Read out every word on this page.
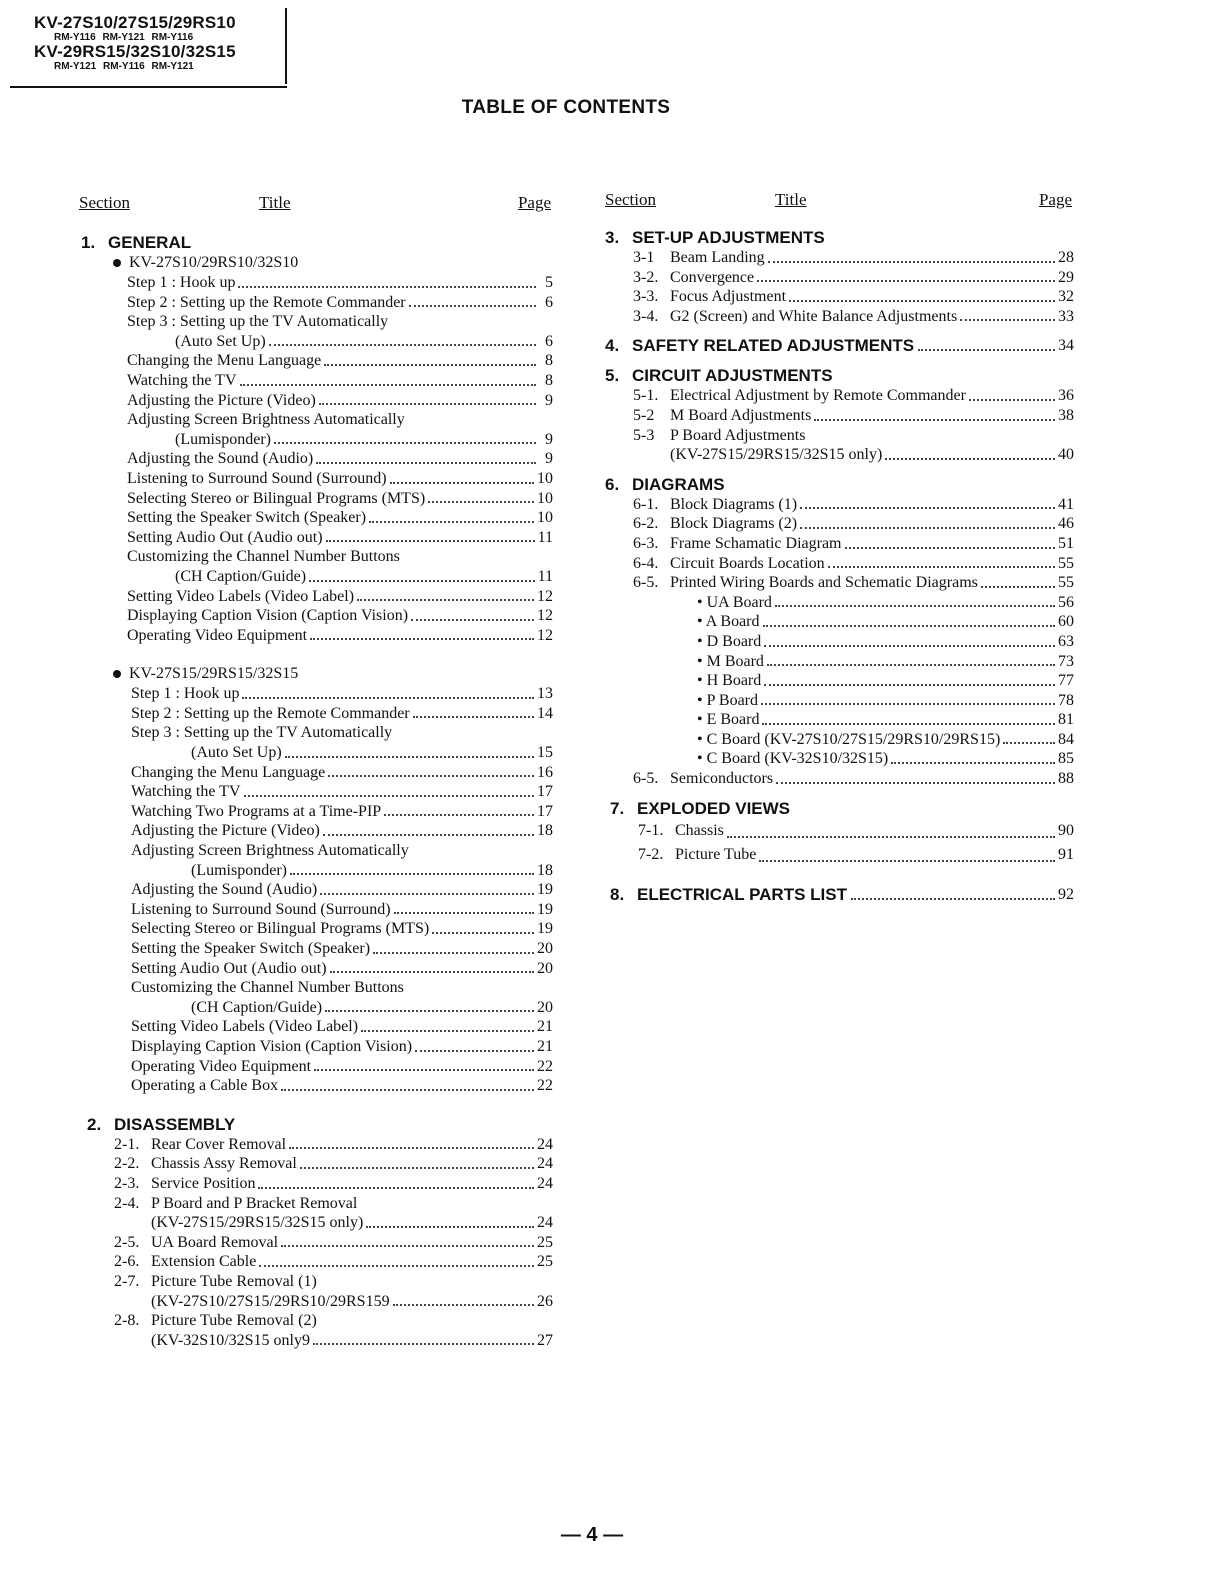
KV-27S10/27S15/29RS10
RM-Y116 RM-Y121 RM-Y116
KV-29RS15/32S10/32S15
RM-Y121 RM-Y116 RM-Y121
TABLE OF CONTENTS
Section	Title	Page
1. GENERAL
KV-27S10/29RS10/32S10
Step 1 : Hook up	5
Step 2 : Setting up the Remote Commander	6
Step 3 : Setting up the TV Automatically
(Auto Set Up)	6
Changing the Menu Language	8
Watching the TV	8
Adjusting the Picture (Video)	9
Adjusting Screen Brightness Automatically
(Lumisponder)	9
Adjusting the Sound (Audio)	9
Listening to Surround Sound (Surround)	10
Selecting Stereo or Bilingual Programs (MTS)	10
Setting the Speaker Switch (Speaker)	10
Setting Audio Out (Audio out)	11
Customizing the Channel Number Buttons
(CH Caption/Guide)	11
Setting Video Labels (Video Label)	12
Displaying Caption Vision (Caption Vision)	12
Operating Video Equipment	12
KV-27S15/29RS15/32S15
Step 1 : Hook up	13
Step 2 : Setting up the Remote Commander	14
Step 3 : Setting up the TV Automatically
(Auto Set Up)	15
Changing the Menu Language	16
Watching the TV	17
Watching Two Programs at a Time-PIP	17
Adjusting the Picture (Video)	18
Adjusting Screen Brightness Automatically
(Lumisponder)	18
Adjusting the Sound (Audio)	19
Listening to Surround Sound (Surround)	19
Selecting Stereo or Bilingual Programs (MTS)	19
Setting the Speaker Switch (Speaker)	20
Setting Audio Out (Audio out)	20
Customizing the Channel Number Buttons
(CH Caption/Guide)	20
Setting Video Labels (Video Label)	21
Displaying Caption Vision (Caption Vision)	21
Operating Video Equipment	22
Operating a Cable Box	22
2. DISASSEMBLY
2-1. Rear Cover Removal	24
2-2. Chassis Assy Removal	24
2-3. Service Position	24
2-4. P Board and P Bracket Removal
(KV-27S15/29RS15/32S15 only)	24
2-5. UA Board Removal	25
2-6. Extension Cable	25
2-7. Picture Tube Removal (1)
(KV-27S10/27S15/29RS10/29RS159	26
2-8. Picture Tube Removal (2)
(KV-32S10/32S15 only9	27
Section	Title	Page
3. SET-UP ADJUSTMENTS
3-1 Beam Landing	28
3-2. Convergence	29
3-3. Focus Adjustment	32
3-4. G2 (Screen) and White Balance Adjustments	33
4. SAFETY RELATED ADJUSTMENTS	34
5. CIRCUIT ADJUSTMENTS
5-1. Electrical Adjustment by Remote Commander	36
5-2 M Board Adjustments	38
5-3 P Board Adjustments
(KV-27S15/29RS15/32S15 only)	40
6. DIAGRAMS
6-1. Block Diagrams (1)	41
6-2. Block Diagrams (2)	46
6-3. Frame Schamatic Diagram	51
6-4. Circuit Boards Location	55
6-5. Printed Wiring Boards and Schematic Diagrams	55
• UA Board	56
• A Board	60
• D Board	63
• M Board	73
• H Board	77
• P Board	78
• E Board	81
• C Board (KV-27S10/27S15/29RS10/29RS15)	84
• C Board (KV-32S10/32S15)	85
6-5. Semiconductors	88
7. EXPLODED VIEWS
7-1. Chassis	90
7-2. Picture Tube	91
8. ELECTRICAL PARTS LIST	92
— 4 —
